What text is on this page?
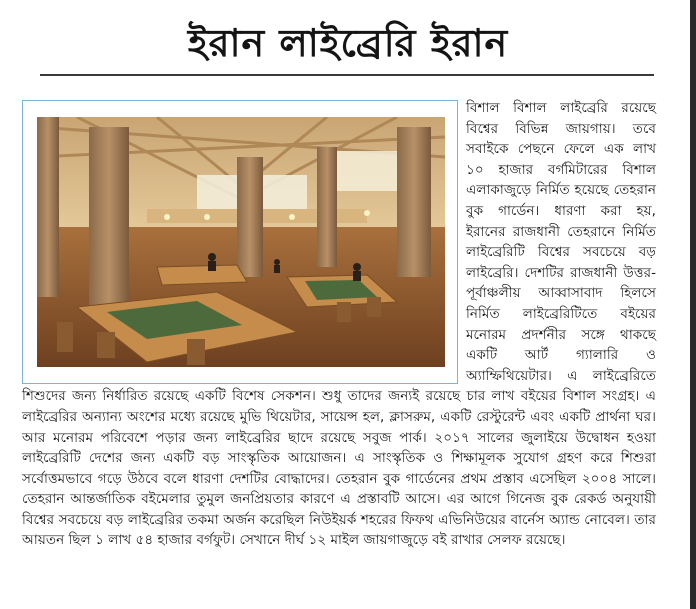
ইরান লাইব্রেরি ইরান

বিশাল বিশাল লাইব্রেরি রয়েছে বিশ্বের বিভিন্ন জায়গায়। তবে সবাইকে পেছনে ফেলে এক লাখ ১০ হাজার বর্গমিটারের বিশাল এলাকাজুড়ে নির্মিত হয়েছে তেহরান বুক গার্ডেন। ধারণা করা হয়, ইরানের রাজধানী তেহরানে নির্মিত লাইব্রেরিটি বিশ্বের সবচেয়ে বড় লাইব্রেরি। দেশটির রাজধানী উত্তর-পূর্বাঞ্চলীয় আব্বাসাবাদ হিলসে নির্মিত লাইব্রেরিটিতে বইয়ের মনোরম প্রদর্শনীর সঙ্গে থাকছে একটি আর্ট গ্যালারি ও অ্যাম্ফিথিয়েটার। এ লাইব্রেরিতে শিশুদের জন্য নির্ধারিত রয়েছে একটি বিশেষ সেকশন। শুধু তাদের জন্যই রয়েছে চার লাখ বইয়ের বিশাল সংগ্রহ। এ লাইব্রেরির অন্যান্য অংশের মধ্যে রয়েছে মুভি থিয়েটার, সায়েন্স হল, ক্লাসরুম, একটি রেস্টুরেন্ট এবং একটি প্রার্থনা ঘর। আর মনোরম পরিবেশে পড়ার জন্য লাইব্রেরির ছাদে রয়েছে সবুজ পার্ক। ২০১৭ সালের জুলাইয়ে উদ্বোধন হওয়া লাইব্রেরিটি দেশের জন্য একটি বড় সাংস্কৃতিক আয়োজন। এ সাংস্কৃতিক ও শিক্ষামূলক সুযোগ গ্রহণ করে শিশুরা সর্বোত্তমভাবে গড়ে উঠবে বলে ধারণা দেশটির বোদ্ধাদের। তেহরান বুক গার্ডেনের প্রথম প্রস্তাব এসেছিল ২০০৪ সালে। তেহরান আন্তর্জাতিক বইমেলার তুমুল জনপ্রিয়তার কারণে এ প্রস্তাবটি আসে। এর আগে গিনেজ বুক রেকর্ড অনুযায়ী বিশ্বের সবচেয়ে বড় লাইব্রেরির তকমা অর্জন করেছিল নিউইয়র্ক শহরের ফিফথ এভিনিউয়ের বার্নেস অ্যান্ড নোবেল। তার আয়তন ছিল ১ লাখ ৫৪ হাজার বর্গফুট। সেখানে দীর্ঘ ১২ মাইল জায়গাজুড়ে বই রাখার সেলফ রয়েছে।
